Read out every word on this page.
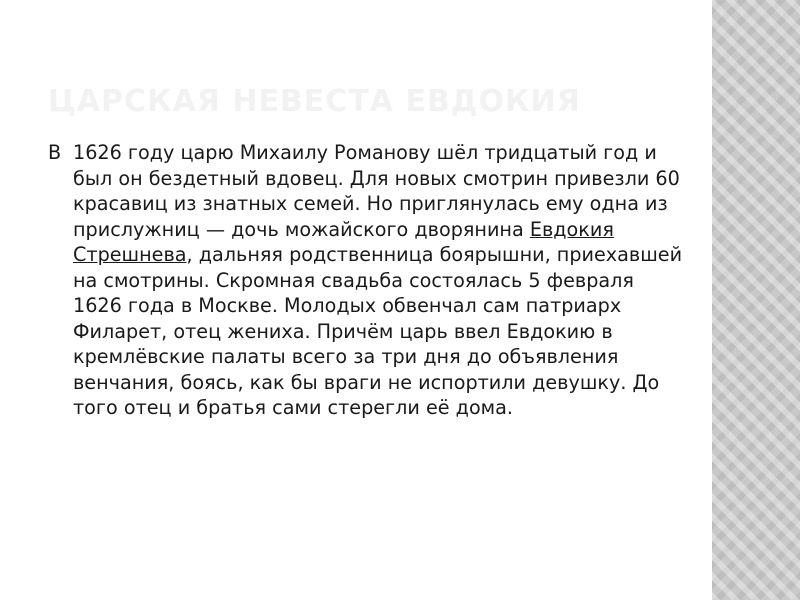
ЦАРСКАЯ НЕВЕСТА ЕВДОКИЯ

В 1626 году царю Михаилу Романову шёл тридцатый год и был он бездетный вдовец. Для новых смотрин привезли 60 красавиц из знатных семей. Но приглянулась ему одна из прислужниц — дочь можайского дворянина Евдокия Стрешнева, дальняя родственница боярышни, приехавшей на смотрины. Скромная свадьба состоялась 5 февраля 1626 года в Москве. Молодых обвенчал сам патриарх Филарет, отец жениха. Причём царь ввел Евдокию в кремлёвские палаты всего за три дня до объявления венчания, боясь, как бы враги не испортили девушку. До того отец и братья сами стерегли её дома.
